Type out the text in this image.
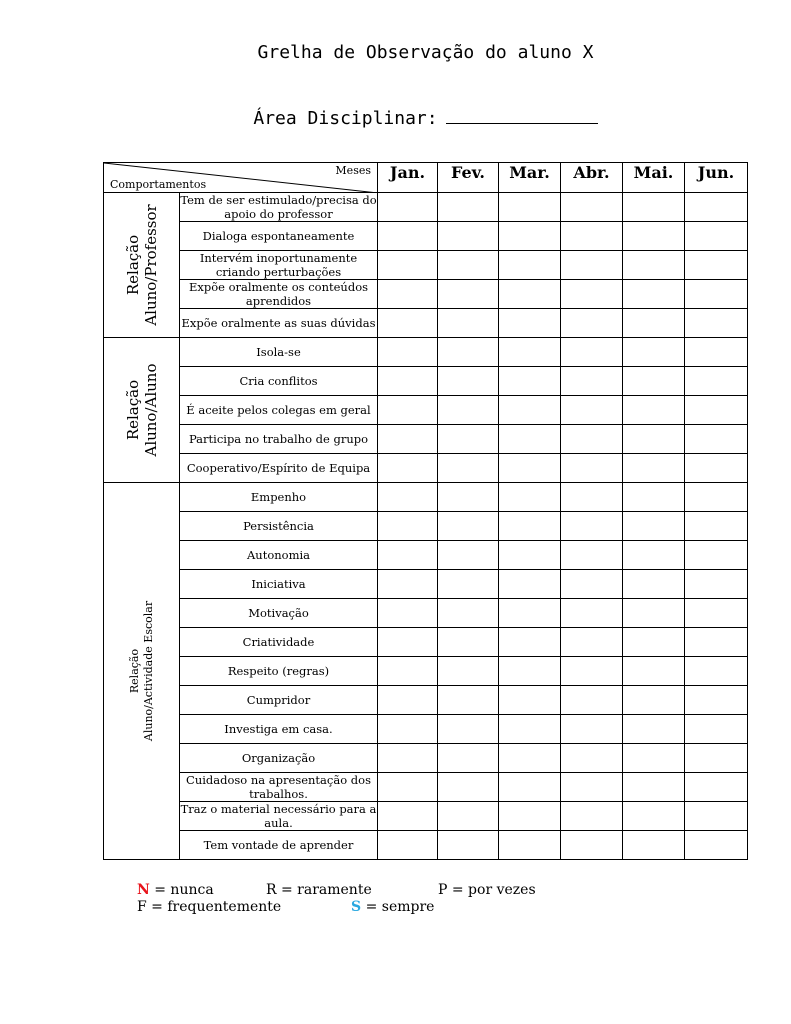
Grelha de Observação do aluno X
Área Disciplinar:
Meses
Comportamentos		Jan.	Fev.	Mar.	Abr.	Mai.	Jun.

Relação Aluno/Professor	Tem de ser estimulado/precisa do apoio do professor						
	Dialoga espontaneamente						
	Intervém inoportunamente criando perturbações						
	Expõe oralmente os conteúdos aprendidos						
	Expõe oralmente as suas dúvidas						

Relação Aluno/Aluno	Isola-se						
	Cria conflitos						
	É aceite pelos colegas em geral						
	Participa no trabalho de grupo						
	Cooperativo/Espírito de Equipa						

Relação Aluno/Actividade Escolar	Empenho						
	Persistência						
	Autonomia						
	Iniciativa						
	Motivação						
	Criatividade						
	Respeito (regras)						
	Cumpridor						
	Investiga em casa.						
	Organização						
	Cuidadoso na apresentação dos trabalhos.						
	Traz o material necessário para a aula.						
	Tem vontade de aprender						
N = nunca	R = raramente	P = por vezes
F = frequentemente	S = sempre
